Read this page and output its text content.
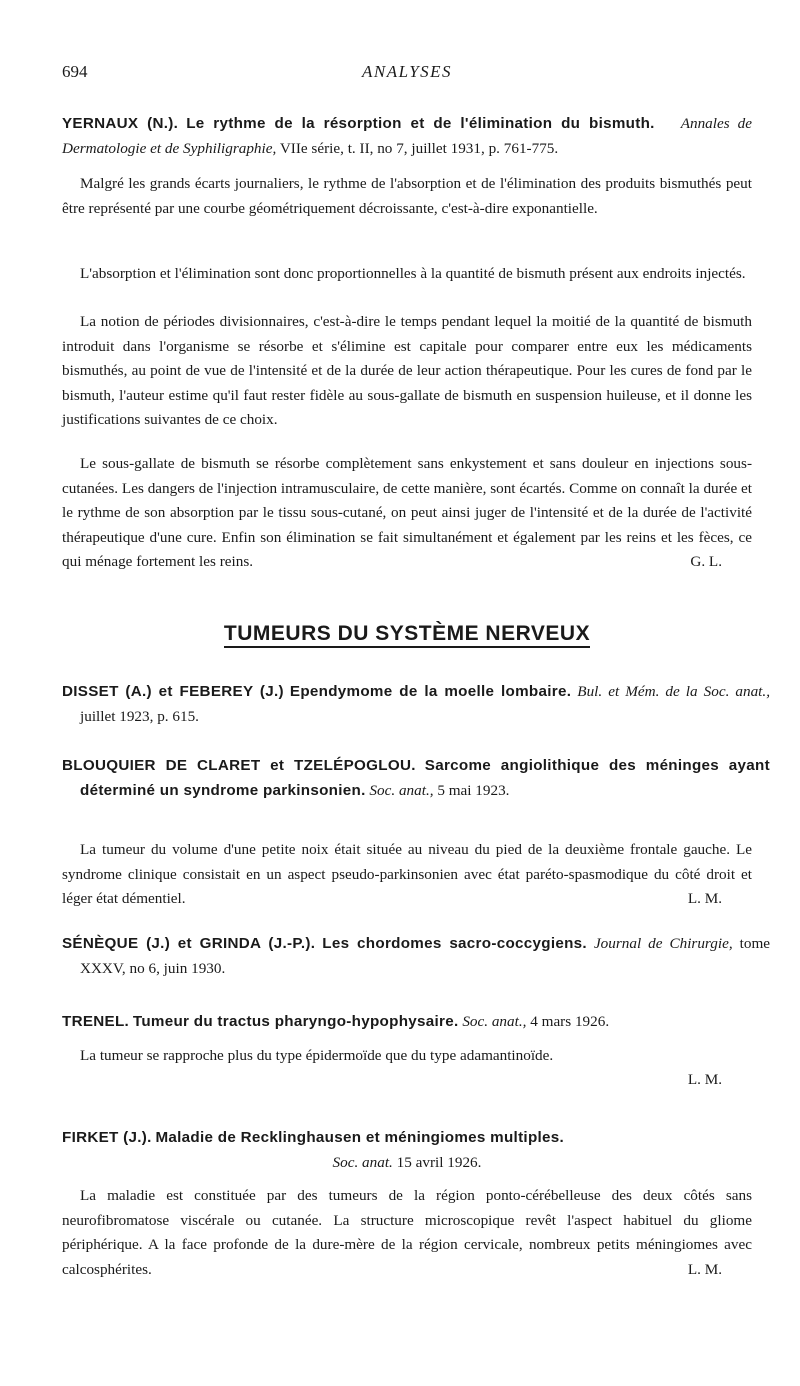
694	ANALYSES
YERNAUX (N.). Le rythme de la résorption et de l'élimination du bismuth. Annales de Dermatologie et de Syphiligraphie, VIIe série, t. II, no 7, juillet 1931, p. 761-775.

Malgré les grands écarts journaliers, le rythme de l'absorption et de l'élimination des produits bismuthés peut être représenté par une courbe géométriquement décroissante, c'est-à-dire exponantielle.

L'absorption et l'élimination sont donc proportionnelles à la quantité de bismuth présent aux endroits injectés.

La notion de périodes divisionnaires, c'est-à-dire le temps pendant lequel la moitié de la quantité de bismuth introduit dans l'organisme se résorbe et s'élimine est capitale pour comparer entre eux les médicaments bismuthés, au point de vue de l'intensité et de la durée de leur action thérapeutique. Pour les cures de fond par le bismuth, l'auteur estime qu'il faut rester fidèle au sous-gallate de bismuth en suspension huileuse, et il donne les justifications suivantes de ce choix.

Le sous-gallate de bismuth se résorbe complètement sans enkystement et sans douleur en injections sous-cutanées. Les dangers de l'injection intramusculaire, de cette manière, sont écartés. Comme on connaît la durée et le rythme de son absorption par le tissu sous-cutané, on peut ainsi juger de l'intensité et de la durée de l'activité thérapeutique d'une cure. Enfin son élimination se fait simultanément et également par les reins et les fèces, ce qui ménage fortement les reins.	G. L.

TUMEURS DU SYSTÈME NERVEUX
DISSET (A.) et FEBEREY (J.) Ependymome de la moelle lombaire. Bul. et Mém. de la Soc. anat., juillet 1923, p. 615.
BLOUQUIER DE CLARET et TZELÉPOGLOU. Sarcome angiolithique des méninges ayant déterminé un syndrome parkinsonien. Soc. anat., 5 mai 1923.

La tumeur du volume d'une petite noix était située au niveau du pied de la deuxième frontale gauche. Le syndrome clinique consistait en un aspect pseudo-parkinsonien avec état paréto-spasmodique du côté droit et léger état démentiel.	L. M.

SÉNÈQUE (J.) et GRINDA (J.-P.). Les chordomes sacro-coccygiens. Journal de Chirurgie, tome XXXV, no 6, juin 1930.
TRENEL. Tumeur du tractus pharyngo-hypophysaire. Soc. anat., 4 mars 1926.

La tumeur se rapproche plus du type épidermoïde que du type adamantinoïde.

L. M.
FIRKET (J.). Maladie de Recklinghausen et méningiomes multiples.
Soc. anat. 15 avril 1926.

La maladie est constituée par des tumeurs de la région ponto-cérébelleuse des deux côtés sans neurofibromatose viscérale ou cutanée. La structure microscopique revêt l'aspect habituel du gliome périphérique. A la face profonde de la dure-mère de la région cervicale, nombreux petits méningiomes avec calcosphérites.	L. M.
